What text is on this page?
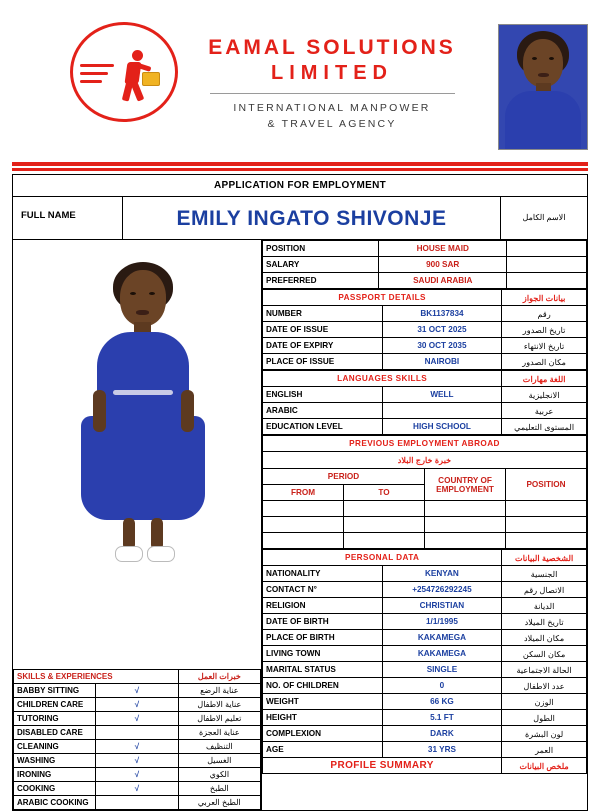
EAMAL SOLUTIONS
LIMITED
INTERNATIONAL MANPOWER
& TRAVEL AGENCY
APPLICATION FOR EMPLOYMENT
FULL NAME	EMILY INGATO SHIVONJE	الاسم الكامل
SKILLS & EXPERIENCES		خبرات العمل
BABBY SITTING	√	عناية الرضع
CHILDREN CARE	√	عناية الاطفال
TUTORING	√	تعليم الاطفال
DISABLED CARE		عناية العجزة
CLEANING	√	التنظيف
WASHING	√	الغسيل
IRONING	√	الكوي
COOKING	√	الطبخ
ARABIC COOKING		الطبخ العربي
POSITION	HOUSE MAID	
SALARY	900 SAR	
PREFERRED	SAUDI ARABIA	
PASSPORT DETAILS		بيانات الجواز
NUMBER	BK1137834	رقم
DATE OF ISSUE	31 OCT 2025	تاريخ الصدور
DATE OF EXPIRY	30 OCT 2035	تاريخ الانتهاء
PLACE OF ISSUE	NAIROBI	مكان الصدور
LANGUAGES SKILLS		اللغة مهارات
ENGLISH	WELL	الانجليزية
ARABIC		عربية
EDUCATION LEVEL	HIGH SCHOOL	المستوى التعليمي
PREVIOUS EMPLOYMENT ABROAD			
خبرة خارج البلاد			
PERIOD		COUNTRY OF EMPLOYMENT	POSITION
FROM	TO		

PERSONAL DATA		الشخصية البيانات
NATIONALITY	KENYAN	الجنسية
CONTACT N°	+254726292245	الاتصال رقم
RELIGION	CHRISTIAN	الديانة
DATE OF BIRTH	1/1/1995	تاريخ الميلاد
PLACE OF BIRTH	KAKAMEGA	مكان الميلاد
LIVING TOWN	KAKAMEGA	مكان السكن
MARITAL STATUS	SINGLE	الحالة الاجتماعية
NO. OF CHILDREN	0	عدد الاطفال
WEIGHT	66 KG	الوزن
HEIGHT	5.1 FT	الطول
COMPLEXION	DARK	لون البشرة
AGE	31 YRS	العمر
PROFILE SUMMARY		ملخص البيانات
